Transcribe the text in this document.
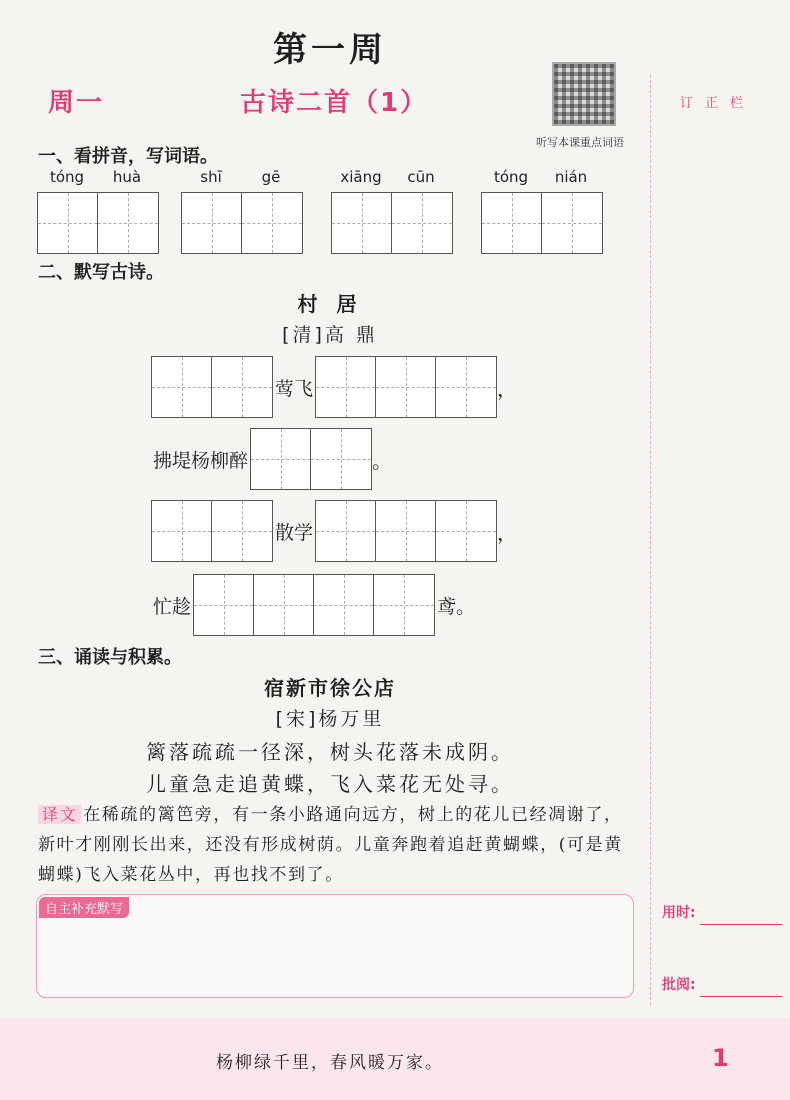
第一周
周一	古诗二首（1）
听写本课重点词语
订正栏
用时:
批阅:
一、看拼音，写词语。
tóng	huà	shī	gē	xiāng	cūn	tóng	nián
二、默写古诗。
村 居
[清]高 鼎
莺飞	，
拂堤杨柳醉	。
散学	，
忙趁	鸢。
三、诵读与积累。
宿新市徐公店
[宋]杨万里
篱落疏疏一径深，树头花落未成阴。
儿童急走追黄蝶，飞入菜花无处寻。
译文 在稀疏的篱笆旁，有一条小路通向远方，树上的花儿已经凋谢了，新叶才刚刚长出来，还没有形成树荫。儿童奔跑着追赶黄蝴蝶，(可是黄蝴蝶)飞入菜花丛中，再也找不到了。
自主补充默写
杨柳绿千里，春风暖万家。	1
